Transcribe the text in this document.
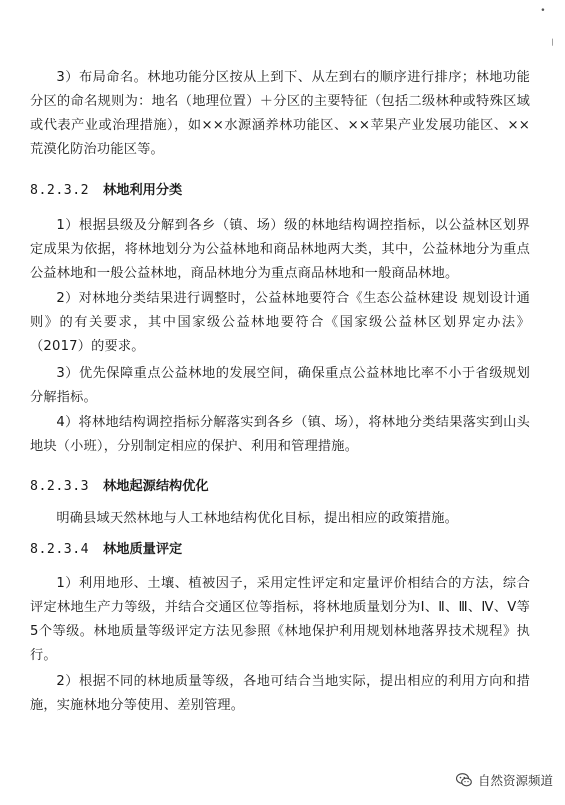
•
⁄

3）布局命名。林地功能分区按从上到下、从左到右的顺序进行排序；林地功能分区的命名规则为：地名（地理位置）＋分区的主要特征（包括二级林种或特殊区域或代表产业或治理措施），如××水源涵养林功能区、××苹果产业发展功能区、××荒漠化防治功能区等。

8.2.3.2 林地利用分类

1）根据县级及分解到各乡（镇、场）级的林地结构调控指标，以公益林区划界定成果为依据，将林地划分为公益林地和商品林地两大类，其中，公益林地分为重点公益林地和一般公益林地，商品林地分为重点商品林地和一般商品林地。

2）对林地分类结果进行调整时，公益林地要符合《生态公益林建设 规划设计通则》的有关要求，其中国家级公益林地要符合《国家级公益林区划界定办法》（2017）的要求。

3）优先保障重点公益林地的发展空间，确保重点公益林地比率不小于省级规划分解指标。

4）将林地结构调控指标分解落实到各乡（镇、场），将林地分类结果落实到山头地块（小班），分别制定相应的保护、利用和管理措施。

8.2.3.3 林地起源结构优化

明确县域天然林地与人工林地结构优化目标，提出相应的政策措施。

8.2.3.4 林地质量评定

1）利用地形、土壤、植被因子，采用定性评定和定量评价相结合的方法，综合评定林地生产力等级，并结合交通区位等指标，将林地质量划分为Ⅰ、Ⅱ、Ⅲ、Ⅳ、Ⅴ等5个等级。林地质量等级评定方法见参照《林地保护利用规划林地落界技术规程》执行。

2）根据不同的林地质量等级，各地可结合当地实际，提出相应的利用方向和措施，实施林地分等使用、差别管理。

自然资源频道
